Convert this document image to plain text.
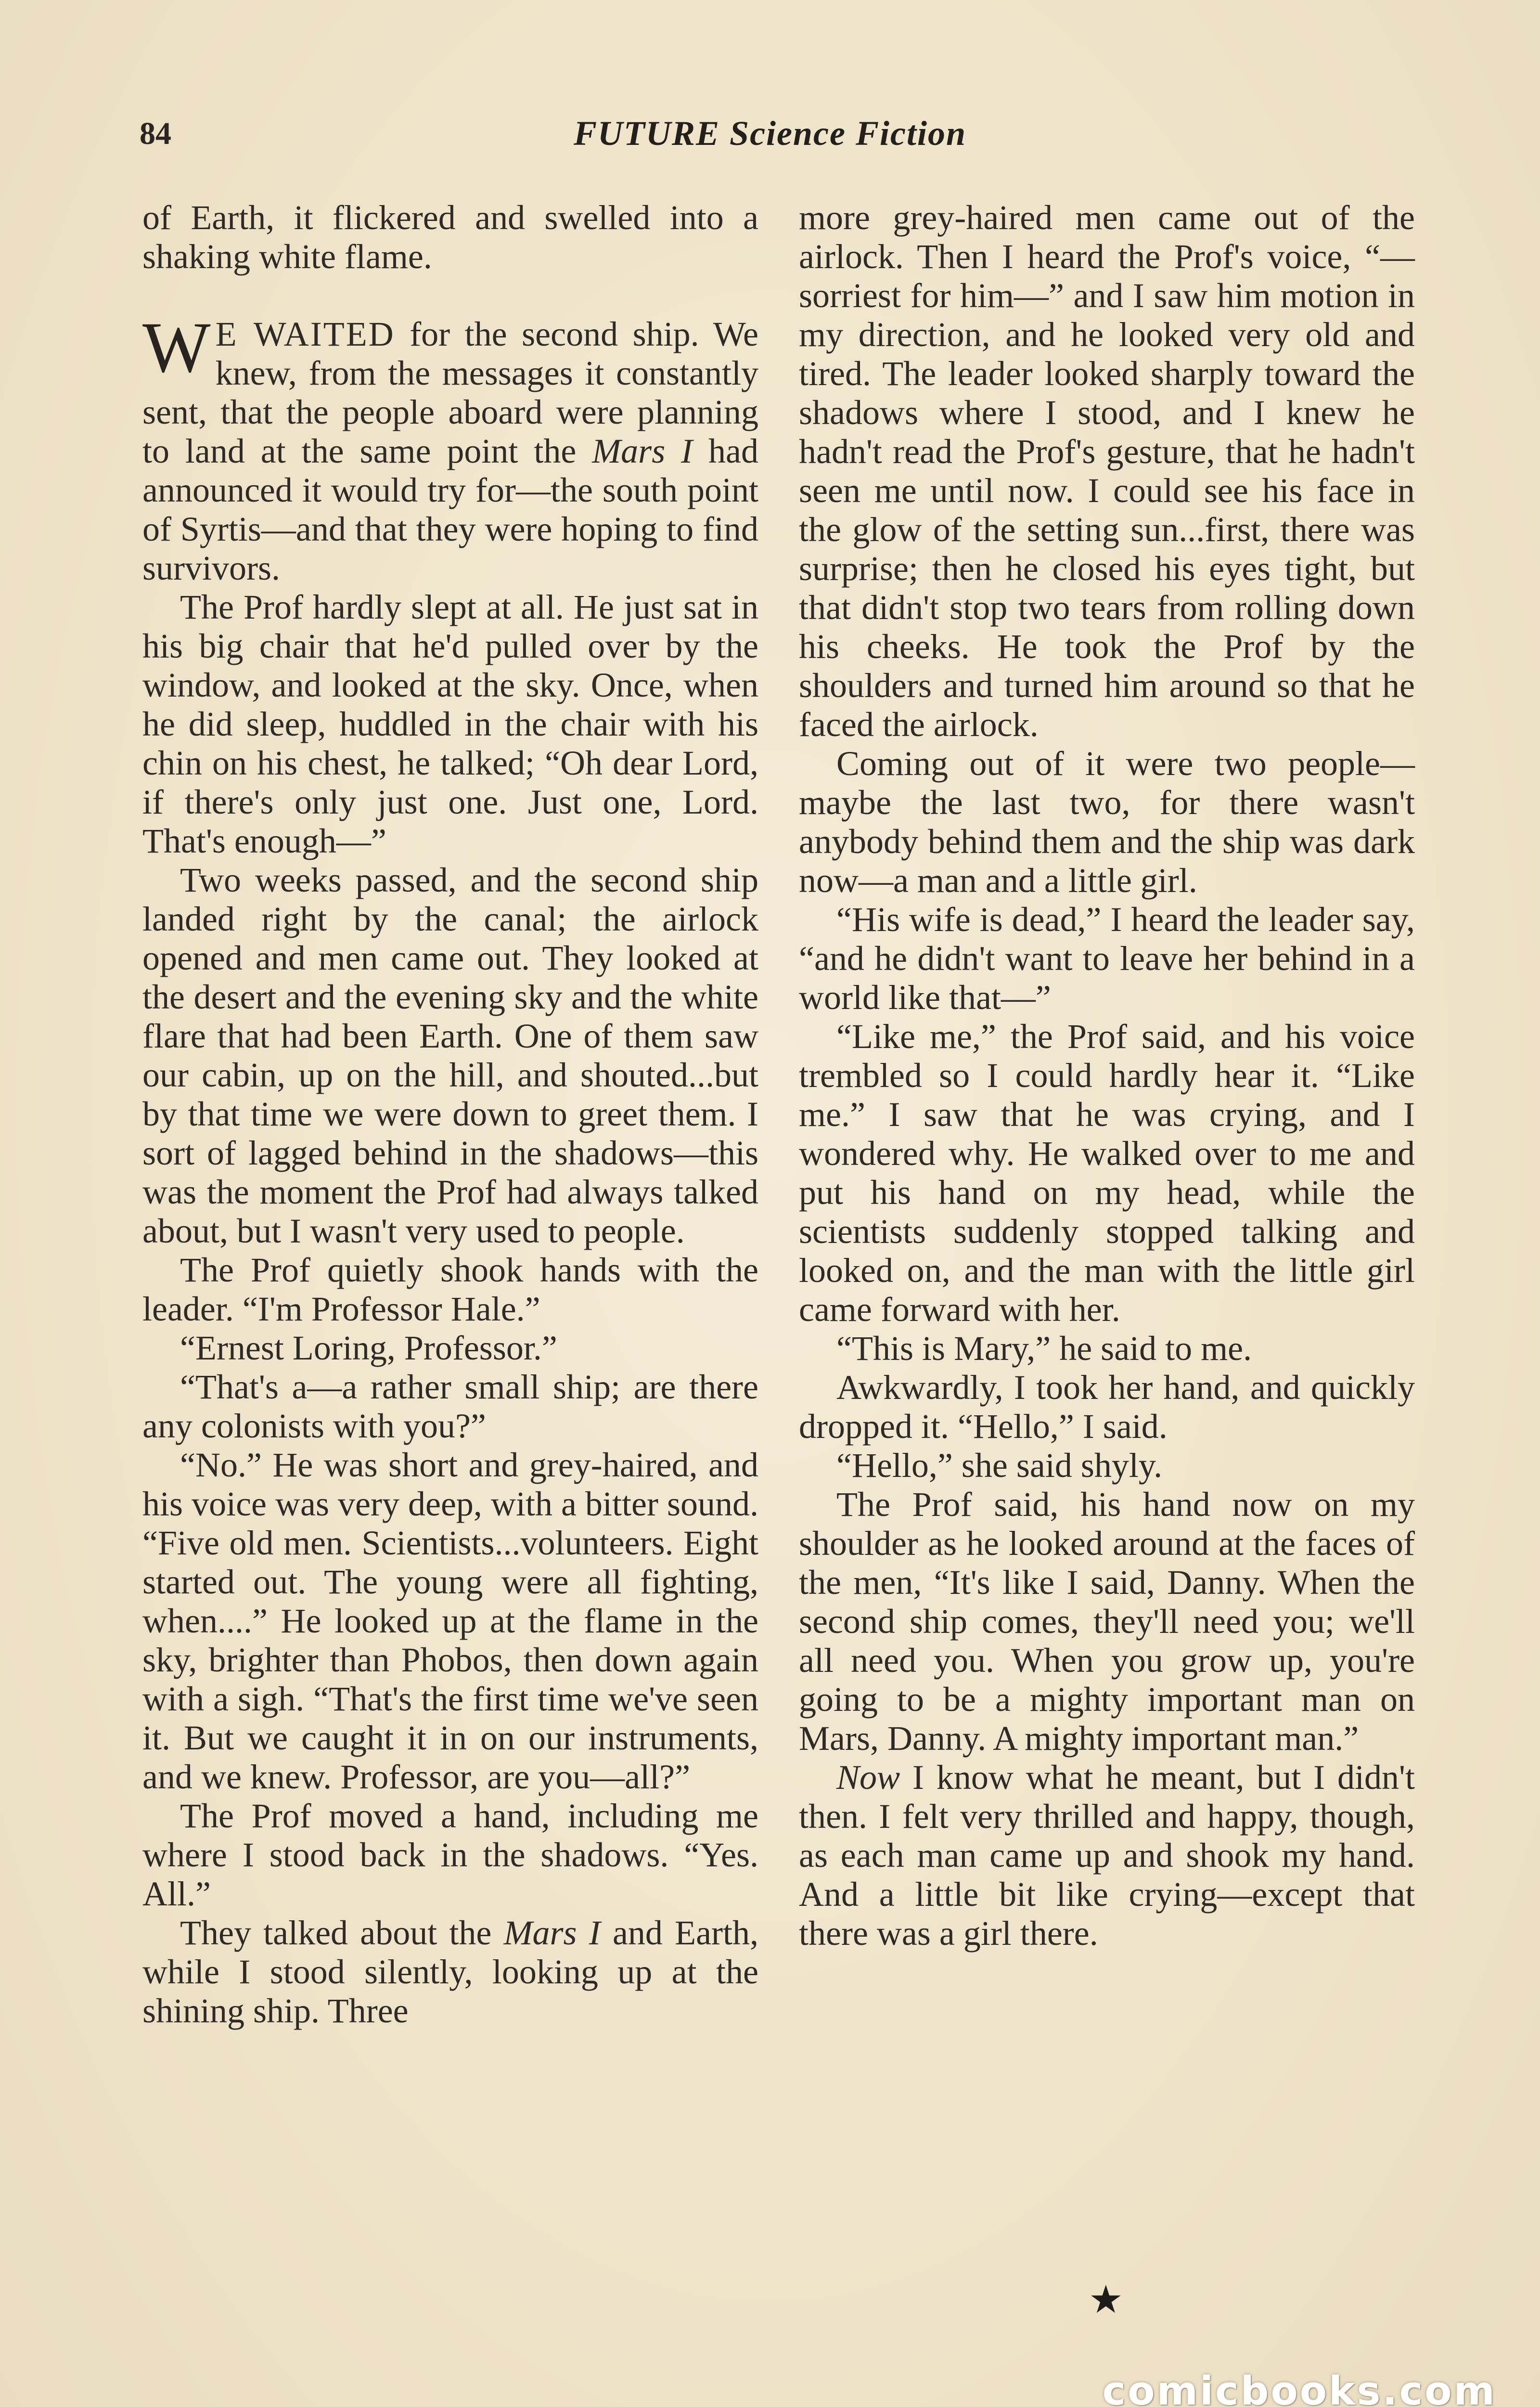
84	FUTURE Science Fiction

of Earth, it flickered and swelled into a shaking white flame.

W E WAITED for the second ship. We knew, from the messages it constantly sent, that the people aboard were planning to land at the same point the Mars I had announced it would try for—the south point of Syrtis—and that they were hoping to find survivors.

The Prof hardly slept at all. He just sat in his big chair that he'd pulled over by the window, and looked at the sky. Once, when he did sleep, huddled in the chair with his chin on his chest, he talked; “Oh dear Lord, if there's only just one. Just one, Lord. That's enough—”

Two weeks passed, and the second ship landed right by the canal; the airlock opened and men came out. They looked at the desert and the evening sky and the white flare that had been Earth. One of them saw our cabin, up on the hill, and shouted...but by that time we were down to greet them. I sort of lagged behind in the shadows—this was the moment the Prof had always talked about, but I wasn't very used to people.

The Prof quietly shook hands with the leader. “I'm Professor Hale.”

“Ernest Loring, Professor.”

“That's a—a rather small ship; are there any colonists with you?”

“No.” He was short and grey-haired, and his voice was very deep, with a bitter sound. “Five old men. Scientists...volunteers. Eight started out. The young were all fighting, when....” He looked up at the flame in the sky, brighter than Phobos, then down again with a sigh. “That's the first time we've seen it. But we caught it in on our instruments, and we knew. Professor, are you—all?”

The Prof moved a hand, including me where I stood back in the shadows. “Yes. All.”

They talked about the Mars I and Earth, while I stood silently, looking up at the shining ship. Three

more grey-haired men came out of the airlock. Then I heard the Prof's voice, “—sorriest for him—” and I saw him motion in my direction, and he looked very old and tired. The leader looked sharply toward the shadows where I stood, and I knew he hadn't read the Prof's gesture, that he hadn't seen me until now. I could see his face in the glow of the setting sun...first, there was surprise; then he closed his eyes tight, but that didn't stop two tears from rolling down his cheeks. He took the Prof by the shoulders and turned him around so that he faced the airlock.

Coming out of it were two people—maybe the last two, for there wasn't anybody behind them and the ship was dark now—a man and a little girl.

“His wife is dead,” I heard the leader say, “and he didn't want to leave her behind in a world like that—”

“Like me,” the Prof said, and his voice trembled so I could hardly hear it. “Like me.” I saw that he was crying, and I wondered why. He walked over to me and put his hand on my head, while the scientists suddenly stopped talking and looked on, and the man with the little girl came forward with her.

“This is Mary,” he said to me.

Awkwardly, I took her hand, and quickly dropped it. “Hello,” I said.

“Hello,” she said shyly.

The Prof said, his hand now on my shoulder as he looked around at the faces of the men, “It's like I said, Danny. When the second ship comes, they'll need you; we'll all need you. When you grow up, you're going to be a mighty important man on Mars, Danny. A mighty important man.”

Now I know what he meant, but I didn't then. I felt very thrilled and happy, though, as each man came up and shook my hand. And a little bit like crying—except that there was a girl there.

★
comicbooks.com
